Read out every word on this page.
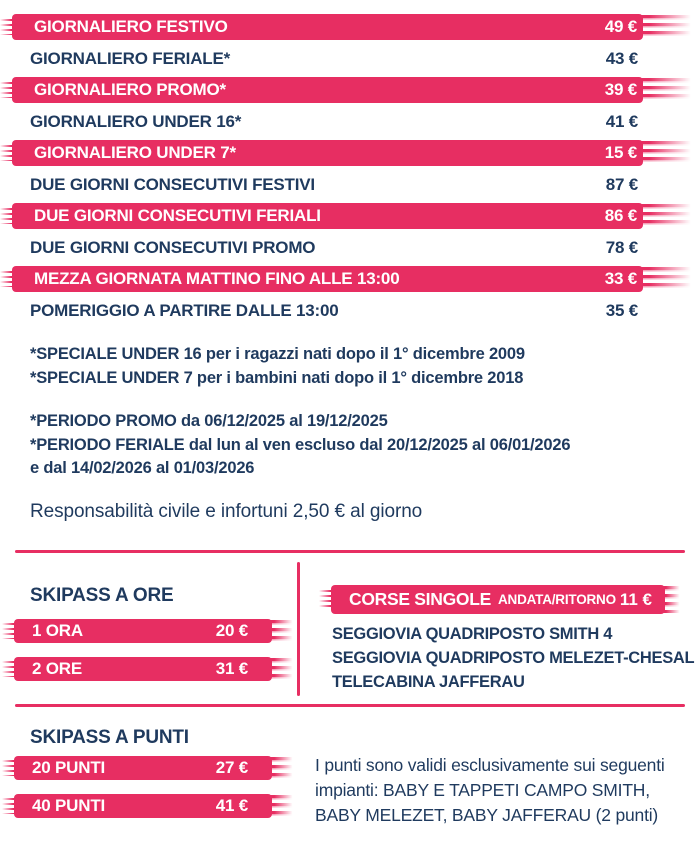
GIORNALIERO FESTIVO	49 €
GIORNALIERO FERIALE*	43 €
GIORNALIERO PROMO*	39 €
GIORNALIERO UNDER 16*	41 €
GIORNALIERO UNDER 7*	15 €
DUE GIORNI CONSECUTIVI FESTIVI	87 €
DUE GIORNI CONSECUTIVI FERIALI	86 €
DUE GIORNI CONSECUTIVI PROMO	78 €
MEZZA GIORNATA MATTINO FINO ALLE 13:00	33 €
POMERIGGIO A PARTIRE DALLE 13:00	35 €
*SPECIALE UNDER 16 per i ragazzi nati dopo il 1° dicembre 2009
*SPECIALE UNDER 7 per i bambini nati dopo il 1° dicembre 2018
*PERIODO PROMO da 06/12/2025 al 19/12/2025
*PERIODO FERIALE dal lun al ven escluso dal 20/12/2025 al 06/01/2026
e dal 14/02/2026 al 01/03/2026
Responsabilità civile e infortuni 2,50 € al giorno
SKIPASS A ORE
1 ORA	20 €
2 ORE	31 €
CORSE SINGOLE ANDATA/RITORNO 11 €
SEGGIOVIA QUADRIPOSTO SMITH 4
SEGGIOVIA QUADRIPOSTO MELEZET-CHESAL
TELECABINA JAFFERAU
SKIPASS A PUNTI
20 PUNTI	27 €
40 PUNTI	41 €
I punti sono validi esclusivamente sui seguenti
impianti: BABY E TAPPETI CAMPO SMITH,
BABY MELEZET, BABY JAFFERAU (2 punti)
